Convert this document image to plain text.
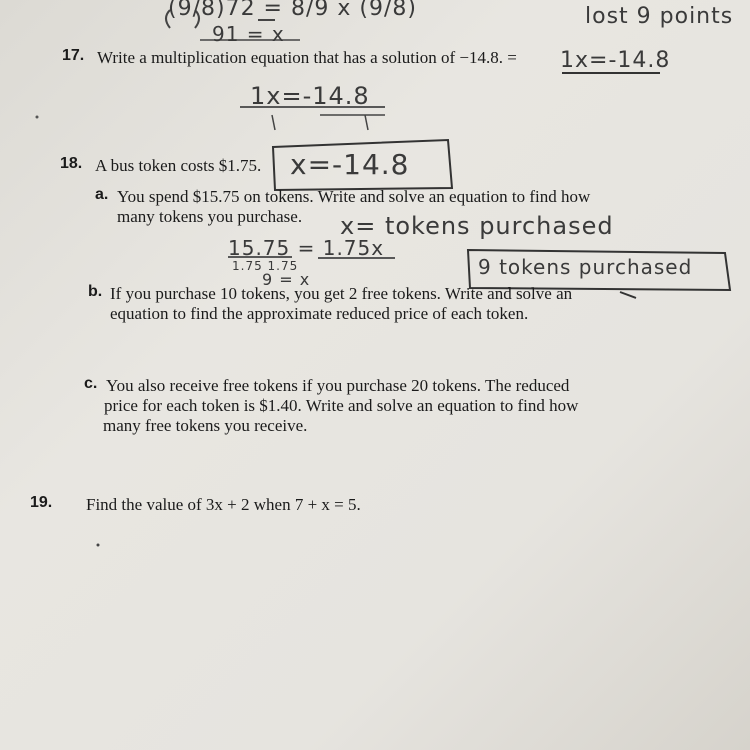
(9/8)72 = 8/9 x (9/8)
91 = x
lost 9 points
1x=-14.8
1x=-14.8
x=-14.8
x= tokens purchased
15.75 = 1.75x
1.75 1.75
9 = x
9 tokens purchased
17. Write a multiplication equation that has a solution of −14.8. =
18. A bus token costs $1.75.
a. You spend $15.75 on tokens. Write and solve an equation to find how
many tokens you purchase.
b. If you purchase 10 tokens, you get 2 free tokens. Write and solve an
equation to find the approximate reduced price of each token.
c. You also receive free tokens if you purchase 20 tokens. The reduced
price for each token is $1.40. Write and solve an equation to find how
many free tokens you receive.
19. Find the value of 3x + 2 when 7 + x = 5.
